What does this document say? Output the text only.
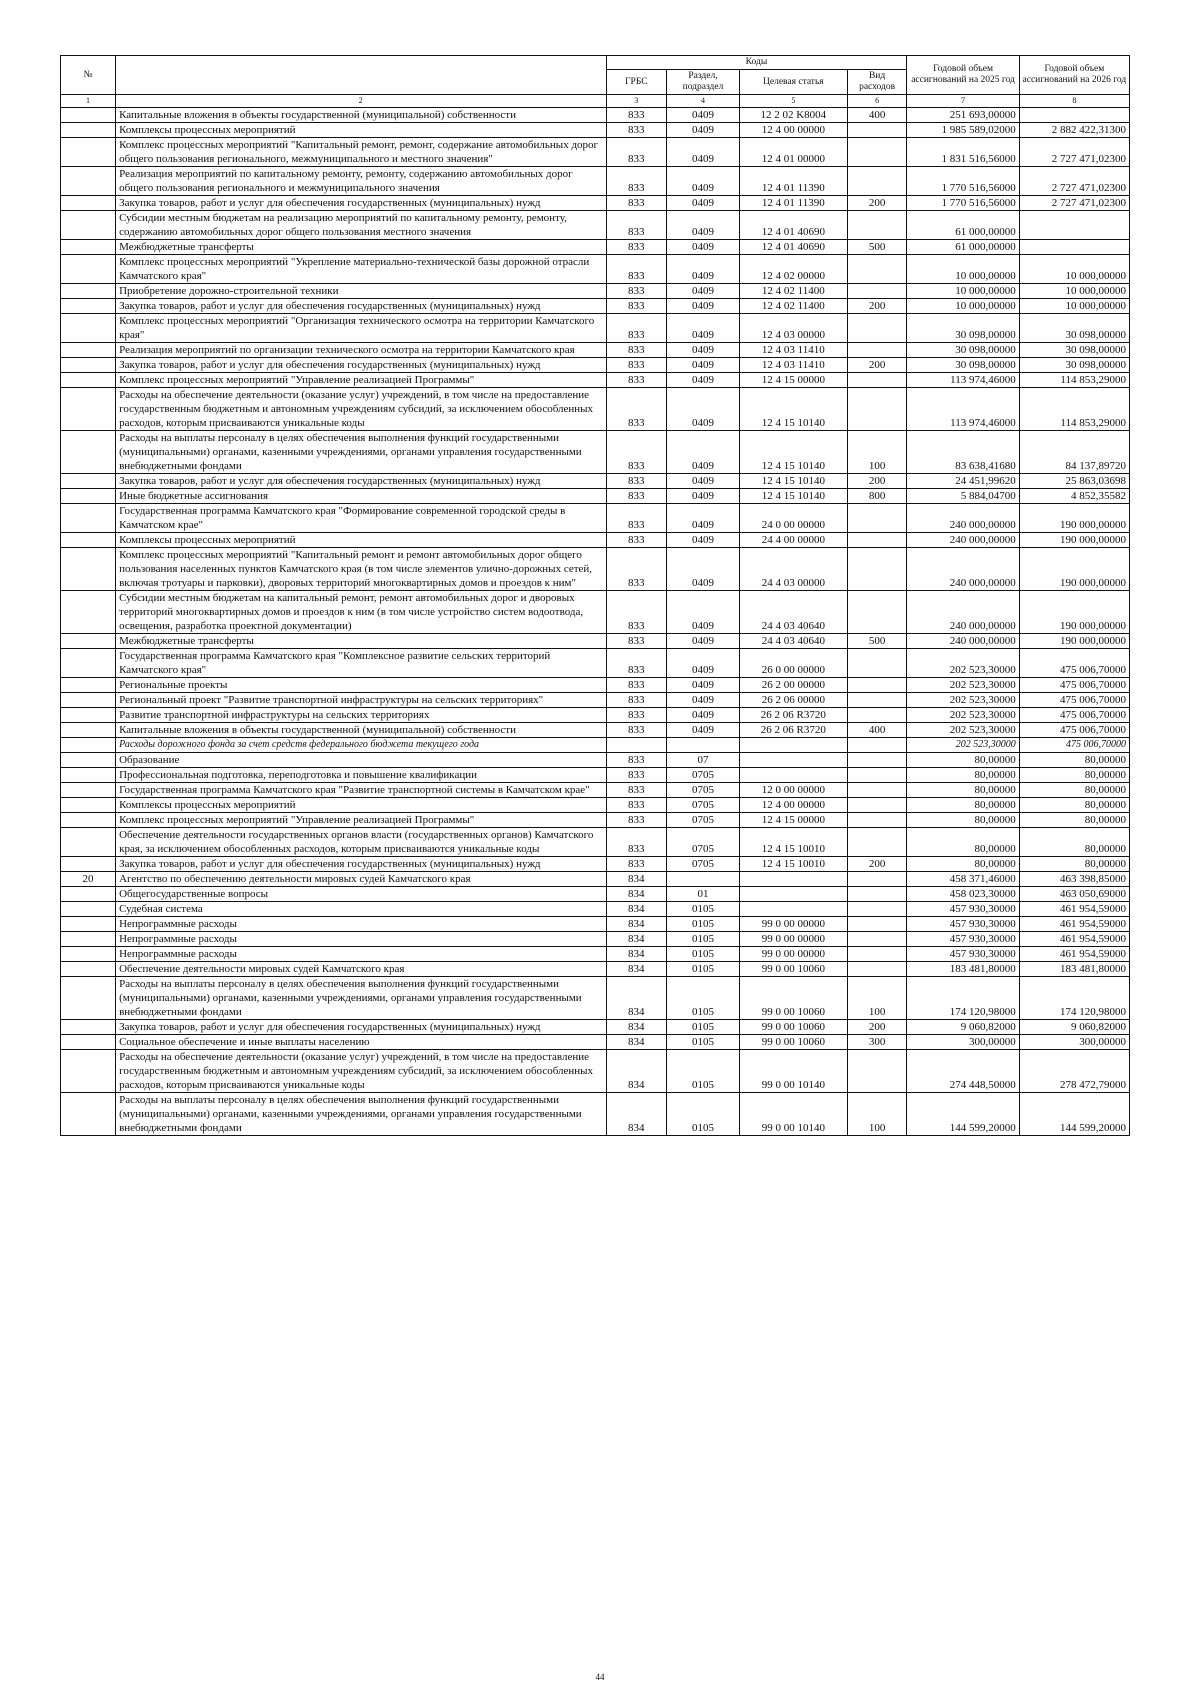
№		Коды				Годовой объем ассигнований на 2025 год	Годовой объем ассигнований на 2026 год
		ГРБС	Раздел, подраздел	Целевая статья	Вид расходов		
1	2	3	4	5	6	7	8
	Капитальные вложения в объекты государственной (муниципальной) собственности	833	0409	12 2 02 K8004	400	251 693,00000	
	Комплексы процессных мероприятий	833	0409	12 4 00 00000		1 985 589,02000	2 882 422,31300
	Комплекс процессных мероприятий "Капитальный ремонт, ремонт, содержание автомобильных дорог общего пользования регионального, межмуниципального и местного значения"	833	0409	12 4 01 00000		1 831 516,56000	2 727 471,02300
	Реализация мероприятий по капитальному ремонту, ремонту, содержанию автомобильных дорог общего пользования регионального и межмуниципального значения	833	0409	12 4 01 11390		1 770 516,56000	2 727 471,02300
	Закупка товаров, работ и услуг для обеспечения государственных (муниципальных) нужд	833	0409	12 4 01 11390	200	1 770 516,56000	2 727 471,02300
	Субсидии местным бюджетам на реализацию мероприятий по капитальному ремонту, ремонту, содержанию автомобильных дорог общего пользования местного значения	833	0409	12 4 01 40690		61 000,00000	
	Межбюджетные трансферты	833	0409	12 4 01 40690	500	61 000,00000	
	Комплекс процессных мероприятий "Укрепление материально-технической базы дорожной отрасли Камчатского края"	833	0409	12 4 02 00000		10 000,00000	10 000,00000
	Приобретение дорожно-строительной техники	833	0409	12 4 02 11400		10 000,00000	10 000,00000
	Закупка товаров, работ и услуг для обеспечения государственных (муниципальных) нужд	833	0409	12 4 02 11400	200	10 000,00000	10 000,00000
	Комплекс процессных мероприятий "Организация технического осмотра на территории Камчатского края"	833	0409	12 4 03 00000		30 098,00000	30 098,00000
	Реализация мероприятий по организации технического осмотра на территории Камчатского края	833	0409	12 4 03 11410		30 098,00000	30 098,00000
	Закупка товаров, работ и услуг для обеспечения государственных (муниципальных) нужд	833	0409	12 4 03 11410	200	30 098,00000	30 098,00000
	Комплекс процессных мероприятий "Управление реализацией Программы"	833	0409	12 4 15 00000		113 974,46000	114 853,29000
	Расходы на обеспечение деятельности (оказание услуг) учреждений, в том числе на предоставление государственным бюджетным и автономным учреждениям субсидий, за исключением обособленных расходов, которым присваиваются уникальные коды	833	0409	12 4 15 10140		113 974,46000	114 853,29000
	Расходы на выплаты персоналу в целях обеспечения выполнения функций государственными (муниципальными) органами, казенными учреждениями, органами управления государственными внебюджетными фондами	833	0409	12 4 15 10140	100	83 638,41680	84 137,89720
	Закупка товаров, работ и услуг для обеспечения государственных (муниципальных) нужд	833	0409	12 4 15 10140	200	24 451,99620	25 863,03698
	Иные бюджетные ассигнования	833	0409	12 4 15 10140	800	5 884,04700	4 852,35582
	Государственная программа Камчатского края "Формирование современной городской среды в Камчатском крае"	833	0409	24 0 00 00000		240 000,00000	190 000,00000
	Комплексы процессных мероприятий	833	0409	24 4 00 00000		240 000,00000	190 000,00000
	Комплекс процессных мероприятий "Капитальный ремонт и ремонт автомобильных дорог общего пользования населенных пунктов Камчатского края (в том числе элементов улично-дорожных сетей, включая тротуары и парковки), дворовых территорий многоквартирных домов и проездов к ним"	833	0409	24 4 03 00000		240 000,00000	190 000,00000
	Субсидии местным бюджетам на капитальный ремонт, ремонт автомобильных дорог и дворовых территорий многоквартирных домов и проездов к ним (в том числе устройство систем водоотвода, освещения, разработка проектной документации)	833	0409	24 4 03 40640		240 000,00000	190 000,00000
	Межбюджетные трансферты	833	0409	24 4 03 40640	500	240 000,00000	190 000,00000
	Государственная программа Камчатского края "Комплексное развитие сельских территорий Камчатского края"	833	0409	26 0 00 00000		202 523,30000	475 006,70000
	Региональные проекты	833	0409	26 2 00 00000		202 523,30000	475 006,70000
	Региональный проект "Развитие транспортной инфраструктуры на сельских территориях"	833	0409	26 2 06 00000		202 523,30000	475 006,70000
	Развитие транспортной инфраструктуры на сельских территориях	833	0409	26 2 06 R3720		202 523,30000	475 006,70000
	Капитальные вложения в объекты государственной (муниципальной) собственности	833	0409	26 2 06 R3720	400	202 523,30000	475 006,70000
	Расходы дорожного фонда за счет средств федерального бюджета текущего года					202 523,30000	475 006,70000
	Образование	833	07			80,00000	80,00000
	Профессиональная подготовка, переподготовка и повышение квалификации	833	0705			80,00000	80,00000
	Государственная программа Камчатского края "Развитие транспортной системы в Камчатском крае"	833	0705	12 0 00 00000		80,00000	80,00000
	Комплексы процессных мероприятий	833	0705	12 4 00 00000		80,00000	80,00000
	Комплекс процессных мероприятий "Управление реализацией Программы"	833	0705	12 4 15 00000		80,00000	80,00000
	Обеспечение деятельности государственных органов власти (государственных органов) Камчатского края, за исключением обособленных расходов, которым присваиваются уникальные коды	833	0705	12 4 15 10010		80,00000	80,00000
	Закупка товаров, работ и услуг для обеспечения государственных (муниципальных) нужд	833	0705	12 4 15 10010	200	80,00000	80,00000
20	Агентство по обеспечению деятельности мировых судей Камчатского края	834				458 371,46000	463 398,85000
	Общегосударственные вопросы	834	01			458 023,30000	463 050,69000
	Судебная система	834	0105			457 930,30000	461 954,59000
	Непрограммные расходы	834	0105	99 0 00 00000		457 930,30000	461 954,59000
	Непрограммные расходы	834	0105	99 0 00 00000		457 930,30000	461 954,59000
	Непрограммные расходы	834	0105	99 0 00 00000		457 930,30000	461 954,59000
	Обеспечение деятельности мировых судей Камчатского края	834	0105	99 0 00 10060		183 481,80000	183 481,80000
	Расходы на выплаты персоналу в целях обеспечения выполнения функций государственными (муниципальными) органами, казенными учреждениями, органами управления государственными внебюджетными фондами	834	0105	99 0 00 10060	100	174 120,98000	174 120,98000
	Закупка товаров, работ и услуг для обеспечения государственных (муниципальных) нужд	834	0105	99 0 00 10060	200	9 060,82000	9 060,82000
	Социальное обеспечение и иные выплаты населению	834	0105	99 0 00 10060	300	300,00000	300,00000
	Расходы на обеспечение деятельности (оказание услуг) учреждений, в том числе на предоставление государственным бюджетным и автономным учреждениям субсидий, за исключением обособленных расходов, которым присваиваются уникальные коды	834	0105	99 0 00 10140		274 448,50000	278 472,79000
	Расходы на выплаты персоналу в целях обеспечения выполнения функций государственными (муниципальными) органами, казенными учреждениями, органами управления государственными внебюджетными фондами	834	0105	99 0 00 10140	100	144 599,20000	144 599,20000
44
